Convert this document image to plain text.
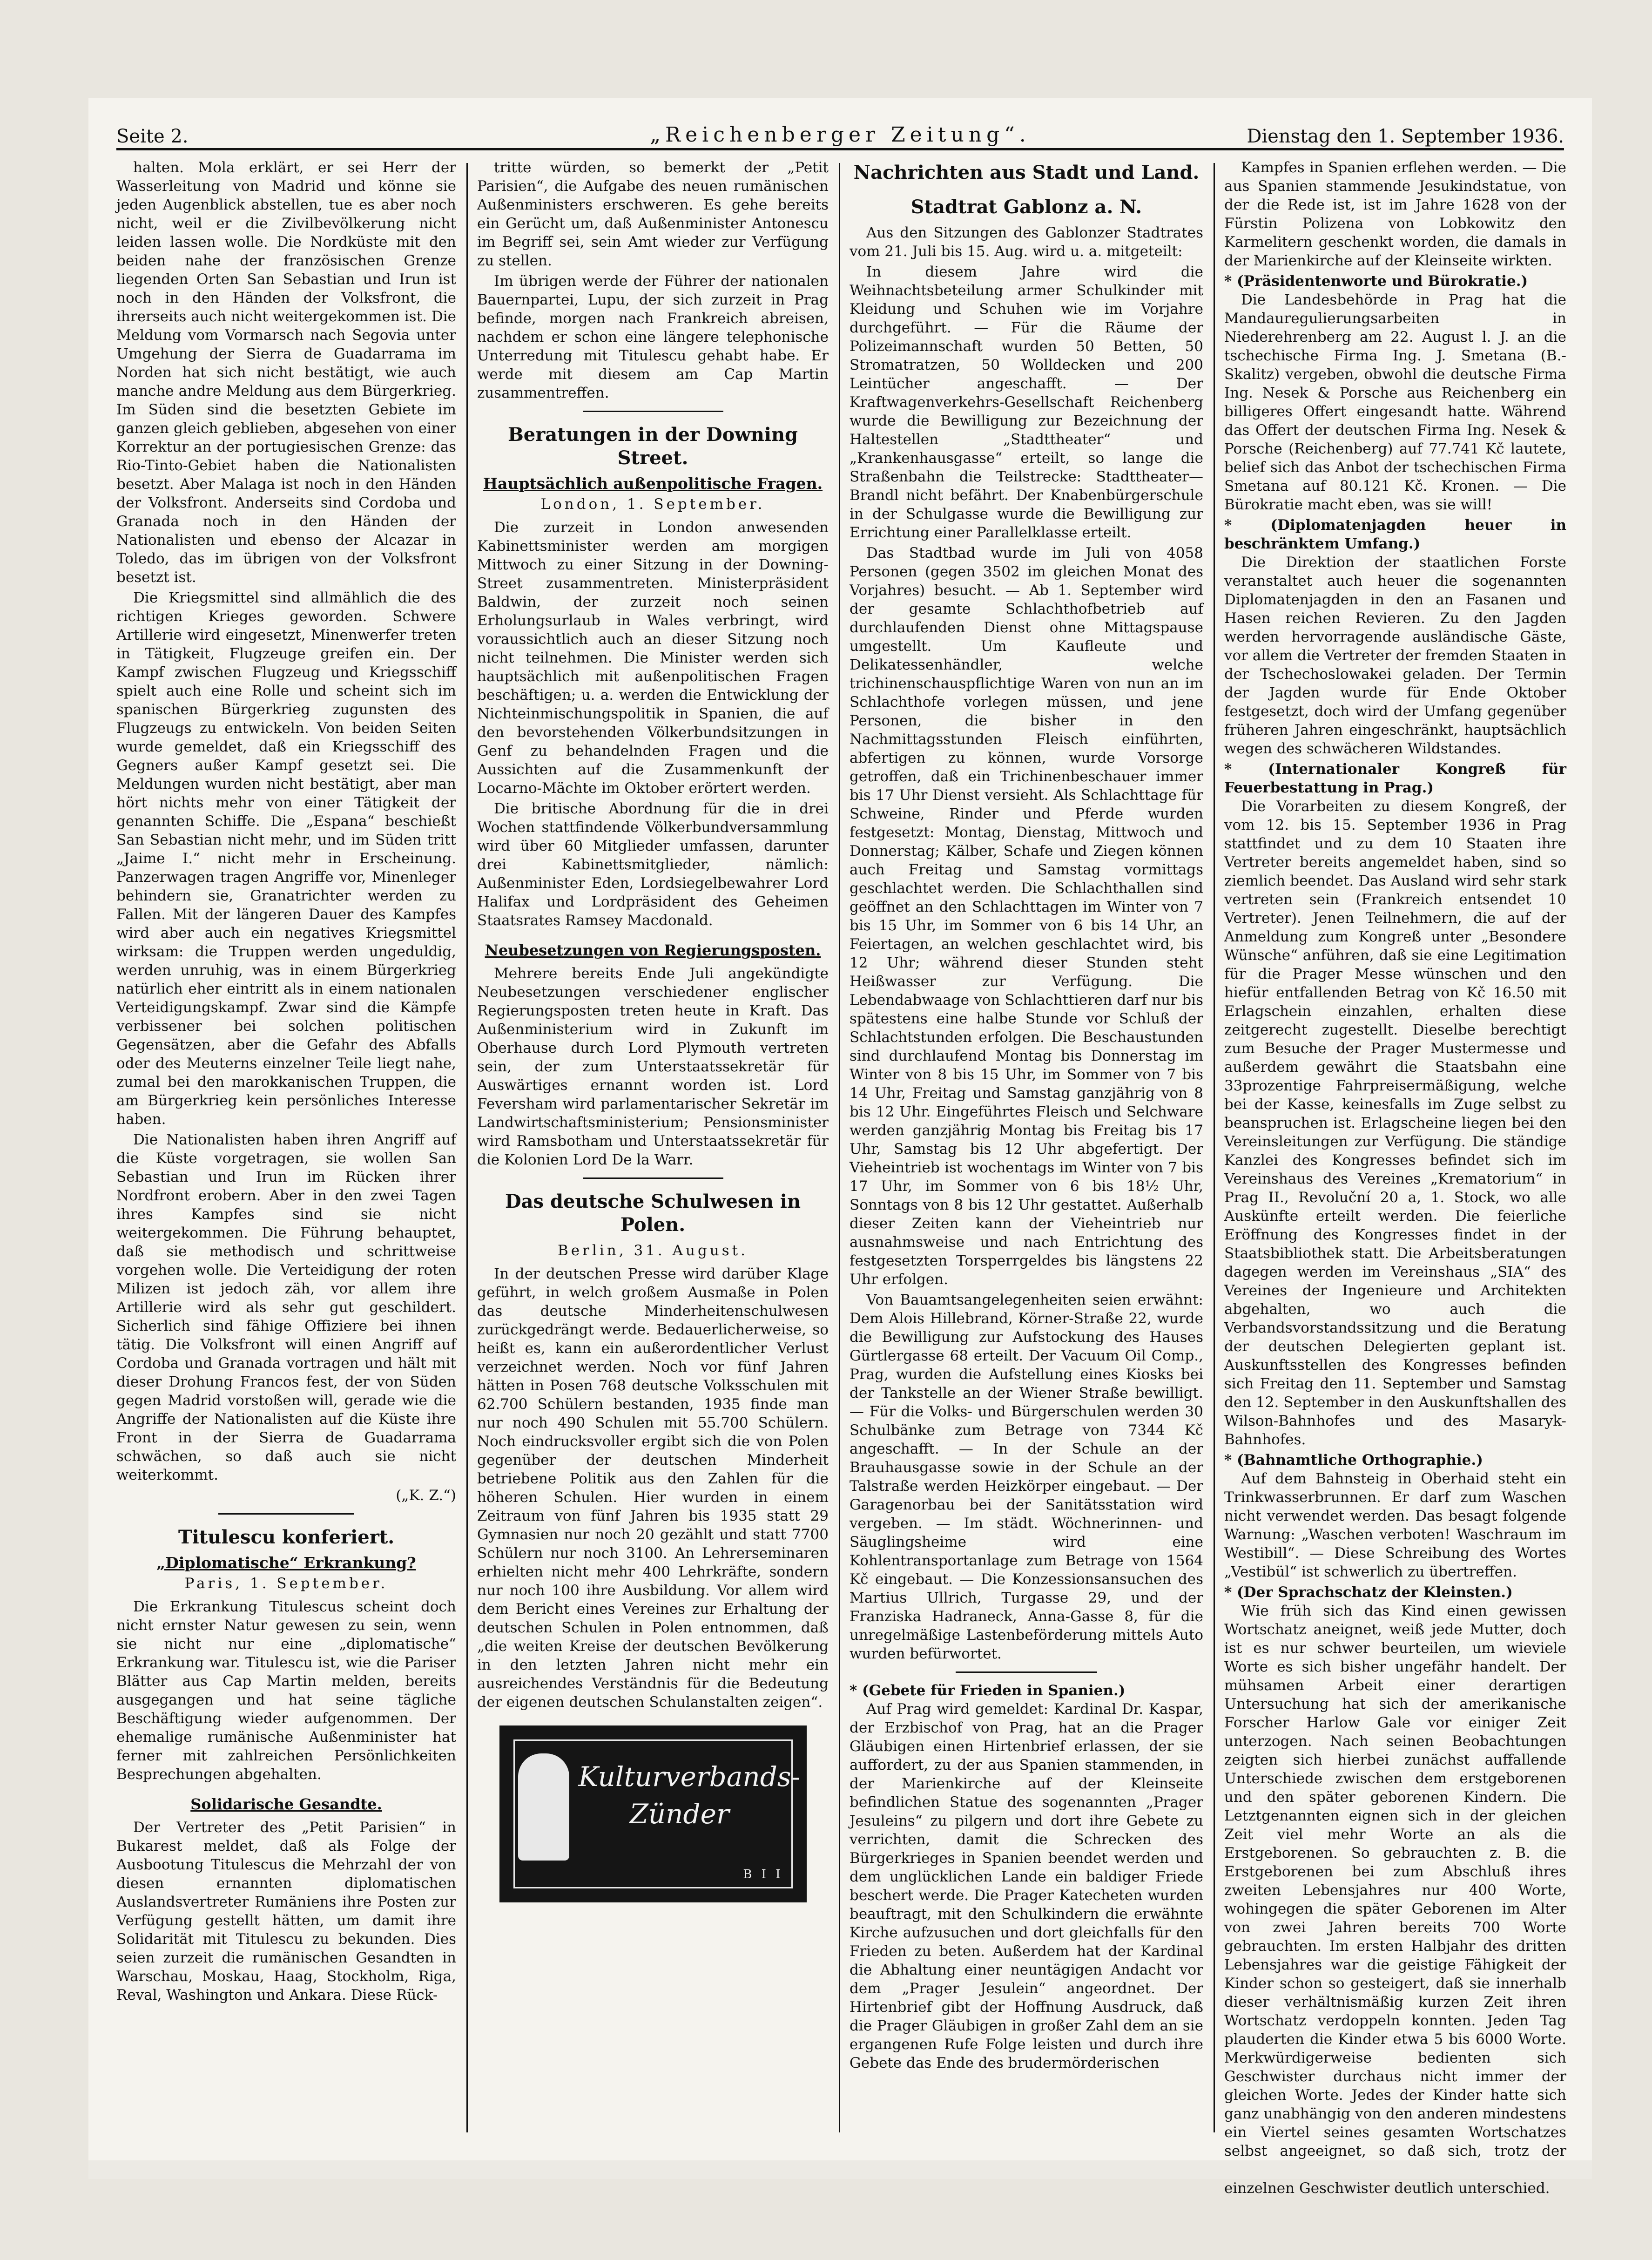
Seite 2.	„Reichenberger Zeitung“.	Dienstag den 1. September 1936.

halten. Mola erklärt, er sei Herr der Wasserleitung von Madrid und könne sie jeden Augenblick abstellen, tue es aber noch nicht, weil er die Zivilbevölkerung nicht leiden lassen wolle. Die Nordküste mit den beiden nahe der französischen Grenze liegenden Orten San Sebastian und Irun ist noch in den Händen der Volksfront, die ihrerseits auch nicht weitergekommen ist. Die Meldung vom Vormarsch nach Segovia unter Umgehung der Sierra de Guadarrama im Norden hat sich nicht bestätigt, wie auch manche andre Meldung aus dem Bürgerkrieg. Im Süden sind die besetzten Gebiete im ganzen gleich geblieben, abgesehen von einer Korrektur an der portugiesischen Grenze: das Rio-Tinto-Gebiet haben die Nationalisten besetzt. Aber Malaga ist noch in den Händen der Volksfront. Anderseits sind Cordoba und Granada noch in den Händen der Nationalisten und ebenso der Alcazar in Toledo, das im übrigen von der Volksfront besetzt ist.

Die Kriegsmittel sind allmählich die des richtigen Krieges geworden. Schwere Artillerie wird eingesetzt, Minenwerfer treten in Tätigkeit, Flugzeuge greifen ein. Der Kampf zwischen Flugzeug und Kriegsschiff spielt auch eine Rolle und scheint sich im spanischen Bürgerkrieg zugunsten des Flugzeugs zu entwickeln. Von beiden Seiten wurde gemeldet, daß ein Kriegsschiff des Gegners außer Kampf gesetzt sei. Die Meldungen wurden nicht bestätigt, aber man hört nichts mehr von einer Tätigkeit der genannten Schiffe. Die „Espana“ beschießt San Sebastian nicht mehr, und im Süden tritt „Jaime I.“ nicht mehr in Erscheinung. Panzerwagen tragen Angriffe vor, Minenleger behindern sie, Granatrichter werden zu Fallen. Mit der längeren Dauer des Kampfes wird aber auch ein negatives Kriegsmittel wirksam: die Truppen werden ungeduldig, werden unruhig, was in einem Bürgerkrieg natürlich eher eintritt als in einem nationalen Verteidigungskampf. Zwar sind die Kämpfe verbissener bei solchen politischen Gegensätzen, aber die Gefahr des Abfalls oder des Meuterns einzelner Teile liegt nahe, zumal bei den marokkanischen Truppen, die am Bürgerkrieg kein persönliches Interesse haben.

Die Nationalisten haben ihren Angriff auf die Küste vorgetragen, sie wollen San Sebastian und Irun im Rücken ihrer Nordfront erobern. Aber in den zwei Tagen ihres Kampfes sind sie nicht weitergekommen. Die Führung behauptet, daß sie methodisch und schrittweise vorgehen wolle. Die Verteidigung der roten Milizen ist jedoch zäh, vor allem ihre Artillerie wird als sehr gut geschildert. Sicherlich sind fähige Offiziere bei ihnen tätig. Die Volksfront will einen Angriff auf Cordoba und Granada vortragen und hält mit dieser Drohung Francos fest, der von Süden gegen Madrid vorstoßen will, gerade wie die Angriffe der Nationalisten auf die Küste ihre Front in der Sierra de Guadarrama schwächen, so daß auch sie nicht weiterkommt.

(„K. Z.“)
Titulescu konferiert.
„Diplomatische“ Erkrankung?
Paris, 1. September.

Die Erkrankung Titulescus scheint doch nicht ernster Natur gewesen zu sein, wenn sie nicht nur eine „diplomatische“ Erkrankung war. Titulescu ist, wie die Pariser Blätter aus Cap Martin melden, bereits ausgegangen und hat seine tägliche Beschäftigung wieder aufgenommen. Der ehemalige rumänische Außenminister hat ferner mit zahlreichen Persönlichkeiten Besprechungen abgehalten.

Solidarische Gesandte.

Der Vertreter des „Petit Parisien“ in Bukarest meldet, daß als Folge der Ausbootung Titulescus die Mehrzahl der von diesen ernannten diplomatischen Auslandsvertreter Rumäniens ihre Posten zur Verfügung gestellt hätten, um damit ihre Solidarität mit Titulescu zu bekunden. Dies seien zurzeit die rumänischen Gesandten in Warschau, Moskau, Haag, Stockholm, Riga, Reval, Washington und Ankara. Diese Rück-

tritte würden, so bemerkt der „Petit Parisien“, die Aufgabe des neuen rumänischen Außenministers erschweren. Es gehe bereits ein Gerücht um, daß Außenminister Antonescu im Begriff sei, sein Amt wieder zur Verfügung zu stellen.

Im übrigen werde der Führer der nationalen Bauernpartei, Lupu, der sich zurzeit in Prag befinde, morgen nach Frankreich abreisen, nachdem er schon eine längere telephonische Unterredung mit Titulescu gehabt habe. Er werde mit diesem am Cap Martin zusammentreffen.

Beratungen in der Downing Street.
Hauptsächlich außenpolitische Fragen.
London, 1. September.

Die zurzeit in London anwesenden Kabinettsminister werden am morgigen Mittwoch zu einer Sitzung in der Downing-Street zusammentreten. Ministerpräsident Baldwin, der zurzeit noch seinen Erholungsurlaub in Wales verbringt, wird voraussichtlich auch an dieser Sitzung noch nicht teilnehmen. Die Minister werden sich hauptsächlich mit außenpolitischen Fragen beschäftigen; u. a. werden die Entwicklung der Nichteinmischungspolitik in Spanien, die auf den bevorstehenden Völkerbundsitzungen in Genf zu behandelnden Fragen und die Aussichten auf die Zusammenkunft der Locarno-Mächte im Oktober erörtert werden.

Die britische Abordnung für die in drei Wochen stattfindende Völkerbundversammlung wird über 60 Mitglieder umfassen, darunter drei Kabinettsmitglieder, nämlich: Außenminister Eden, Lordsiegelbewahrer Lord Halifax und Lordpräsident des Geheimen Staatsrates Ramsey Macdonald.

Neubesetzungen von Regierungsposten.

Mehrere bereits Ende Juli angekündigte Neubesetzungen verschiedener englischer Regierungsposten treten heute in Kraft. Das Außenministerium wird in Zukunft im Oberhause durch Lord Plymouth vertreten sein, der zum Unterstaatssekretär für Auswärtiges ernannt worden ist. Lord Feversham wird parlamentarischer Sekretär im Landwirtschaftsministerium; Pensionsminister wird Ramsbotham und Unterstaatssekretär für die Kolonien Lord De la Warr.

Das deutsche Schulwesen in Polen.
Berlin, 31. August.

In der deutschen Presse wird darüber Klage geführt, in welch großem Ausmaße in Polen das deutsche Minderheitenschulwesen zurückgedrängt werde. Bedauerlicherweise, so heißt es, kann ein außerordentlicher Verlust verzeichnet werden. Noch vor fünf Jahren hätten in Posen 768 deutsche Volksschulen mit 62.700 Schülern bestanden, 1935 finde man nur noch 490 Schulen mit 55.700 Schülern. Noch eindrucksvoller ergibt sich die von Polen gegenüber der deutschen Minderheit betriebene Politik aus den Zahlen für die höheren Schulen. Hier wurden in einem Zeitraum von fünf Jahren bis 1935 statt 29 Gymnasien nur noch 20 gezählt und statt 7700 Schülern nur noch 3100. An Lehrerseminaren erhielten nicht mehr 400 Lehrkräfte, sondern nur noch 100 ihre Ausbildung. Vor allem wird dem Bericht eines Vereines zur Erhaltung der deutschen Schulen in Polen entnommen, daß „die weiten Kreise der deutschen Bevölkerung in den letzten Jahren nicht mehr ein ausreichendes Verständnis für die Bedeutung der eigenen deutschen Schulanstalten zeigen“.

Kulturverbands-
Zünder
B I I
Nachrichten aus Stadt und Land.
Stadtrat Gablonz a. N.

Aus den Sitzungen des Gablonzer Stadtrates vom 21. Juli bis 15. Aug. wird u. a. mitgeteilt:

In diesem Jahre wird die Weihnachtsbeteilung armer Schulkinder mit Kleidung und Schuhen wie im Vorjahre durchgeführt. — Für die Räume der Polizeimannschaft wurden 50 Betten, 50 Stromatratzen, 50 Wolldecken und 200 Leintücher angeschafft. — Der Kraftwagenverkehrs-Gesellschaft Reichenberg wurde die Bewilligung zur Bezeichnung der Haltestellen „Stadttheater“ und „Krankenhausgasse“ erteilt, so lange die Straßenbahn die Teilstrecke: Stadttheater—Brandl nicht befährt. Der Knabenbürgerschule in der Schulgasse wurde die Bewilligung zur Errichtung einer Parallelklasse erteilt.

Das Stadtbad wurde im Juli von 4058 Personen (gegen 3502 im gleichen Monat des Vorjahres) besucht. — Ab 1. September wird der gesamte Schlachthofbetrieb auf durchlaufenden Dienst ohne Mittagspause umgestellt. Um Kaufleute und Delikatessenhändler, welche trichinenschauspflichtige Waren von nun an im Schlachthofe vorlegen müssen, und jene Personen, die bisher in den Nachmittagsstunden Fleisch einführten, abfertigen zu können, wurde Vorsorge getroffen, daß ein Trichinenbeschauer immer bis 17 Uhr Dienst versieht. Als Schlachttage für Schweine, Rinder und Pferde wurden festgesetzt: Montag, Dienstag, Mittwoch und Donnerstag; Kälber, Schafe und Ziegen können auch Freitag und Samstag vormittags geschlachtet werden. Die Schlachthallen sind geöffnet an den Schlachttagen im Winter von 7 bis 15 Uhr, im Sommer von 6 bis 14 Uhr, an Feiertagen, an welchen geschlachtet wird, bis 12 Uhr; während dieser Stunden steht Heißwasser zur Verfügung. Die Lebendabwaage von Schlachttieren darf nur bis spätestens eine halbe Stunde vor Schluß der Schlachtstunden erfolgen. Die Beschaustunden sind durchlaufend Montag bis Donnerstag im Winter von 8 bis 15 Uhr, im Sommer von 7 bis 14 Uhr, Freitag und Samstag ganzjährig von 8 bis 12 Uhr. Eingeführtes Fleisch und Selchware werden ganzjährig Montag bis Freitag bis 17 Uhr, Samstag bis 12 Uhr abgefertigt. Der Vieheintrieb ist wochentags im Winter von 7 bis 17 Uhr, im Sommer von 6 bis 18½ Uhr, Sonntags von 8 bis 12 Uhr gestattet. Außerhalb dieser Zeiten kann der Vieheintrieb nur ausnahmsweise und nach Entrichtung des festgesetzten Torsperrgeldes bis längstens 22 Uhr erfolgen.

Von Bauamtsangelegenheiten seien erwähnt: Dem Alois Hillebrand, Körner-Straße 22, wurde die Bewilligung zur Aufstockung des Hauses Gürtlergasse 68 erteilt. Der Vacuum Oil Comp., Prag, wurden die Aufstellung eines Kiosks bei der Tankstelle an der Wiener Straße bewilligt. — Für die Volks- und Bürgerschulen werden 30 Schulbänke zum Betrage von 7344 Kč angeschafft. — In der Schule an der Brauhausgasse sowie in der Schule an der Talstraße werden Heizkörper eingebaut. — Der Garagenorbau bei der Sanitätsstation wird vergeben. — Im städt. Wöchnerinnen- und Säuglingsheime wird eine Kohlentransportanlage zum Betrage von 1564 Kč eingebaut. — Die Konzessionsansuchen des Martius Ullrich, Turgasse 29, und der Franziska Hadraneck, Anna-Gasse 8, für die unregelmäßige Lastenbeförderung mittels Auto wurden befürwortet.

* (Gebete für Frieden in Spanien.)

Auf Prag wird gemeldet: Kardinal Dr. Kaspar, der Erzbischof von Prag, hat an die Prager Gläubigen einen Hirtenbrief erlassen, der sie auffordert, zu der aus Spanien stammenden, in der Marienkirche auf der Kleinseite befindlichen Statue des sogenannten „Prager Jesuleins“ zu pilgern und dort ihre Gebete zu verrichten, damit die Schrecken des Bürgerkrieges in Spanien beendet werden und dem unglücklichen Lande ein baldiger Friede beschert werde. Die Prager Katecheten wurden beauftragt, mit den Schulkindern die erwähnte Kirche aufzusuchen und dort gleichfalls für den Frieden zu beten. Außerdem hat der Kardinal die Abhaltung einer neuntägigen Andacht vor dem „Prager Jesulein“ angeordnet. Der Hirtenbrief gibt der Hoffnung Ausdruck, daß die Prager Gläubigen in großer Zahl dem an sie ergangenen Rufe Folge leisten und durch ihre Gebete das Ende des brudermörderischen

Kampfes in Spanien erflehen werden. — Die aus Spanien stammende Jesukindstatue, von der die Rede ist, ist im Jahre 1628 von der Fürstin Polizena von Lobkowitz den Karmelitern geschenkt worden, die damals in der Marienkirche auf der Kleinseite wirkten.

* (Präsidentenworte und Bürokratie.)

Die Landesbehörde in Prag hat die Mandauregulierungsarbeiten in Niederehrenberg am 22. August l. J. an die tschechische Firma Ing. J. Smetana (B.-Skalitz) vergeben, obwohl die deutsche Firma Ing. Nesek & Porsche aus Reichenberg ein billigeres Offert eingesandt hatte. Während das Offert der deutschen Firma Ing. Nesek & Porsche (Reichenberg) auf 77.741 Kč lautete, belief sich das Anbot der tschechischen Firma Smetana auf 80.121 Kč. Kronen. — Die Bürokratie macht eben, was sie will!

* (Diplomatenjagden heuer in beschränktem Umfang.)

Die Direktion der staatlichen Forste veranstaltet auch heuer die sogenannten Diplomatenjagden in den an Fasanen und Hasen reichen Revieren. Zu den Jagden werden hervorragende ausländische Gäste, vor allem die Vertreter der fremden Staaten in der Tschechoslowakei geladen. Der Termin der Jagden wurde für Ende Oktober festgesetzt, doch wird der Umfang gegenüber früheren Jahren eingeschränkt, hauptsächlich wegen des schwächeren Wildstandes.

* (Internationaler Kongreß für Feuerbestattung in Prag.)

Die Vorarbeiten zu diesem Kongreß, der vom 12. bis 15. September 1936 in Prag stattfindet und zu dem 10 Staaten ihre Vertreter bereits angemeldet haben, sind so ziemlich beendet. Das Ausland wird sehr stark vertreten sein (Frankreich entsendet 10 Vertreter). Jenen Teilnehmern, die auf der Anmeldung zum Kongreß unter „Besondere Wünsche“ anführen, daß sie eine Legitimation für die Prager Messe wünschen und den hiefür entfallenden Betrag von Kč 16.50 mit Erlagschein einzahlen, erhalten diese zeitgerecht zugestellt. Dieselbe berechtigt zum Besuche der Prager Mustermesse und außerdem gewährt die Staatsbahn eine 33prozentige Fahrpreisermäßigung, welche bei der Kasse, keinesfalls im Zuge selbst zu beanspruchen ist. Erlagscheine liegen bei den Vereinsleitungen zur Verfügung. Die ständige Kanzlei des Kongresses befindet sich im Vereinshaus des Vereines „Krematorium“ in Prag II., Revoluční 20 a, 1. Stock, wo alle Auskünfte erteilt werden. Die feierliche Eröffnung des Kongresses findet in der Staatsbibliothek statt. Die Arbeitsberatungen dagegen werden im Vereinshaus „SIA“ des Vereines der Ingenieure und Architekten abgehalten, wo auch die Verbandsvorstandssitzung und die Beratung der deutschen Delegierten geplant ist. Auskunftsstellen des Kongresses befinden sich Freitag den 11. September und Samstag den 12. September in den Auskunftshallen des Wilson-Bahnhofes und des Masaryk-Bahnhofes.

* (Bahnamtliche Orthographie.)

Auf dem Bahnsteig in Oberhaid steht ein Trinkwasserbrunnen. Er darf zum Waschen nicht verwendet werden. Das besagt folgende Warnung: „Waschen verboten! Waschraum im Westibill“. — Diese Schreibung des Wortes „Vestibül“ ist schwerlich zu übertreffen.

* (Der Sprachschatz der Kleinsten.)

Wie früh sich das Kind einen gewissen Wortschatz aneignet, weiß jede Mutter, doch ist es nur schwer beurteilen, um wieviele Worte es sich bisher ungefähr handelt. Der mühsamen Arbeit einer derartigen Untersuchung hat sich der amerikanische Forscher Harlow Gale vor einiger Zeit unterzogen. Nach seinen Beobachtungen zeigten sich hierbei zunächst auffallende Unterschiede zwischen dem erstgeborenen und den später geborenen Kindern. Die Letztgenannten eignen sich in der gleichen Zeit viel mehr Worte an als die Erstgeborenen. So gebrauchten z. B. die Erstgeborenen bei zum Abschluß ihres zweiten Lebensjahres nur 400 Worte, wohingegen die später Geborenen im Alter von zwei Jahren bereits 700 Worte gebrauchten. Im ersten Halbjahr des dritten Lebensjahres war die geistige Fähigkeit der Kinder schon so gesteigert, daß sie innerhalb dieser verhältnismäßig kurzen Zeit ihren Wortschatz verdoppeln konnten. Jeden Tag plauderten die Kinder etwa 5 bis 6000 Worte. Merkwürdigerweise bedienten sich Geschwister durchaus nicht immer der gleichen Worte. Jedes der Kinder hatte sich ganz unabhängig von den anderen mindestens ein Viertel seines gesamten Wortschatzes selbst angeeignet, so daß sich, trotz der einzelnen Geschwister deutlich unterschied.
